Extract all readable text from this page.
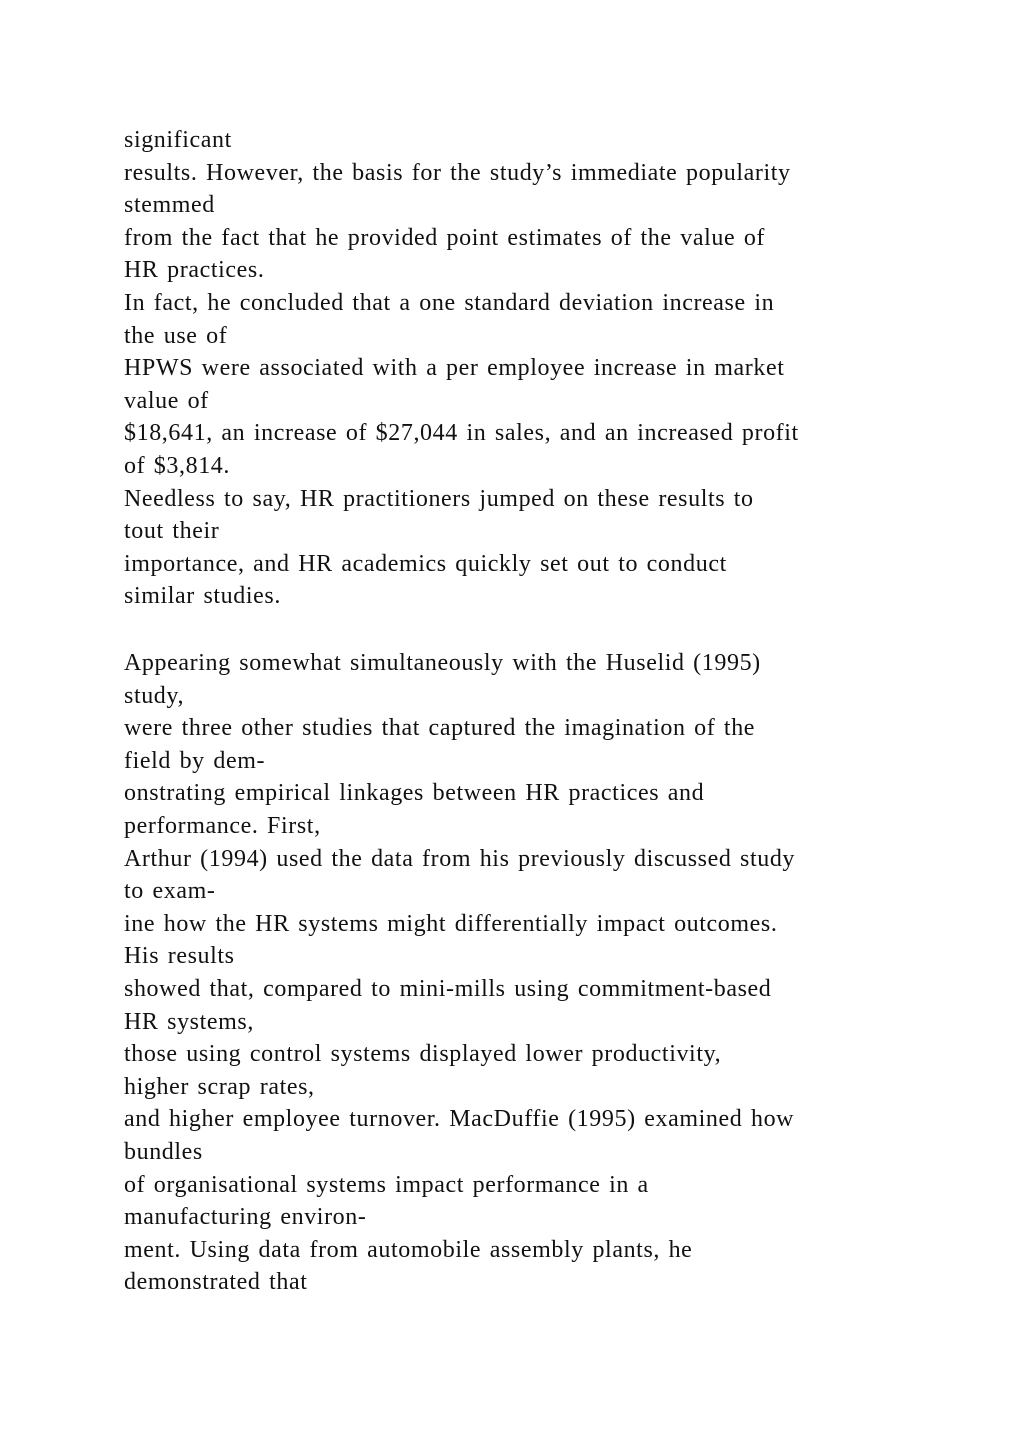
significant
results. However, the basis for the study’s immediate popularity
stemmed
from the fact that he provided point estimates of the value of
HR practices.
In fact, he concluded that a one standard deviation increase in
the use of
HPWS were associated with a per employee increase in market
value of
$18,641, an increase of $27,044 in sales, and an increased profit
of $3,814.
Needless to say, HR practitioners jumped on these results to
tout their
importance, and HR academics quickly set out to conduct
similar studies.
Appearing somewhat simultaneously with the Huselid (1995)
study,
were three other studies that captured the imagination of the
field by dem-
onstrating empirical linkages between HR practices and
performance. First,
Arthur (1994) used the data from his previously discussed study
to exam-
ine how the HR systems might differentially impact outcomes.
His results
showed that, compared to mini-mills using commitment-based
HR systems,
those using control systems displayed lower productivity,
higher scrap rates,
and higher employee turnover. MacDuffie (1995) examined how
bundles
of organisational systems impact performance in a
manufacturing environ-
ment. Using data from automobile assembly plants, he
demonstrated that
